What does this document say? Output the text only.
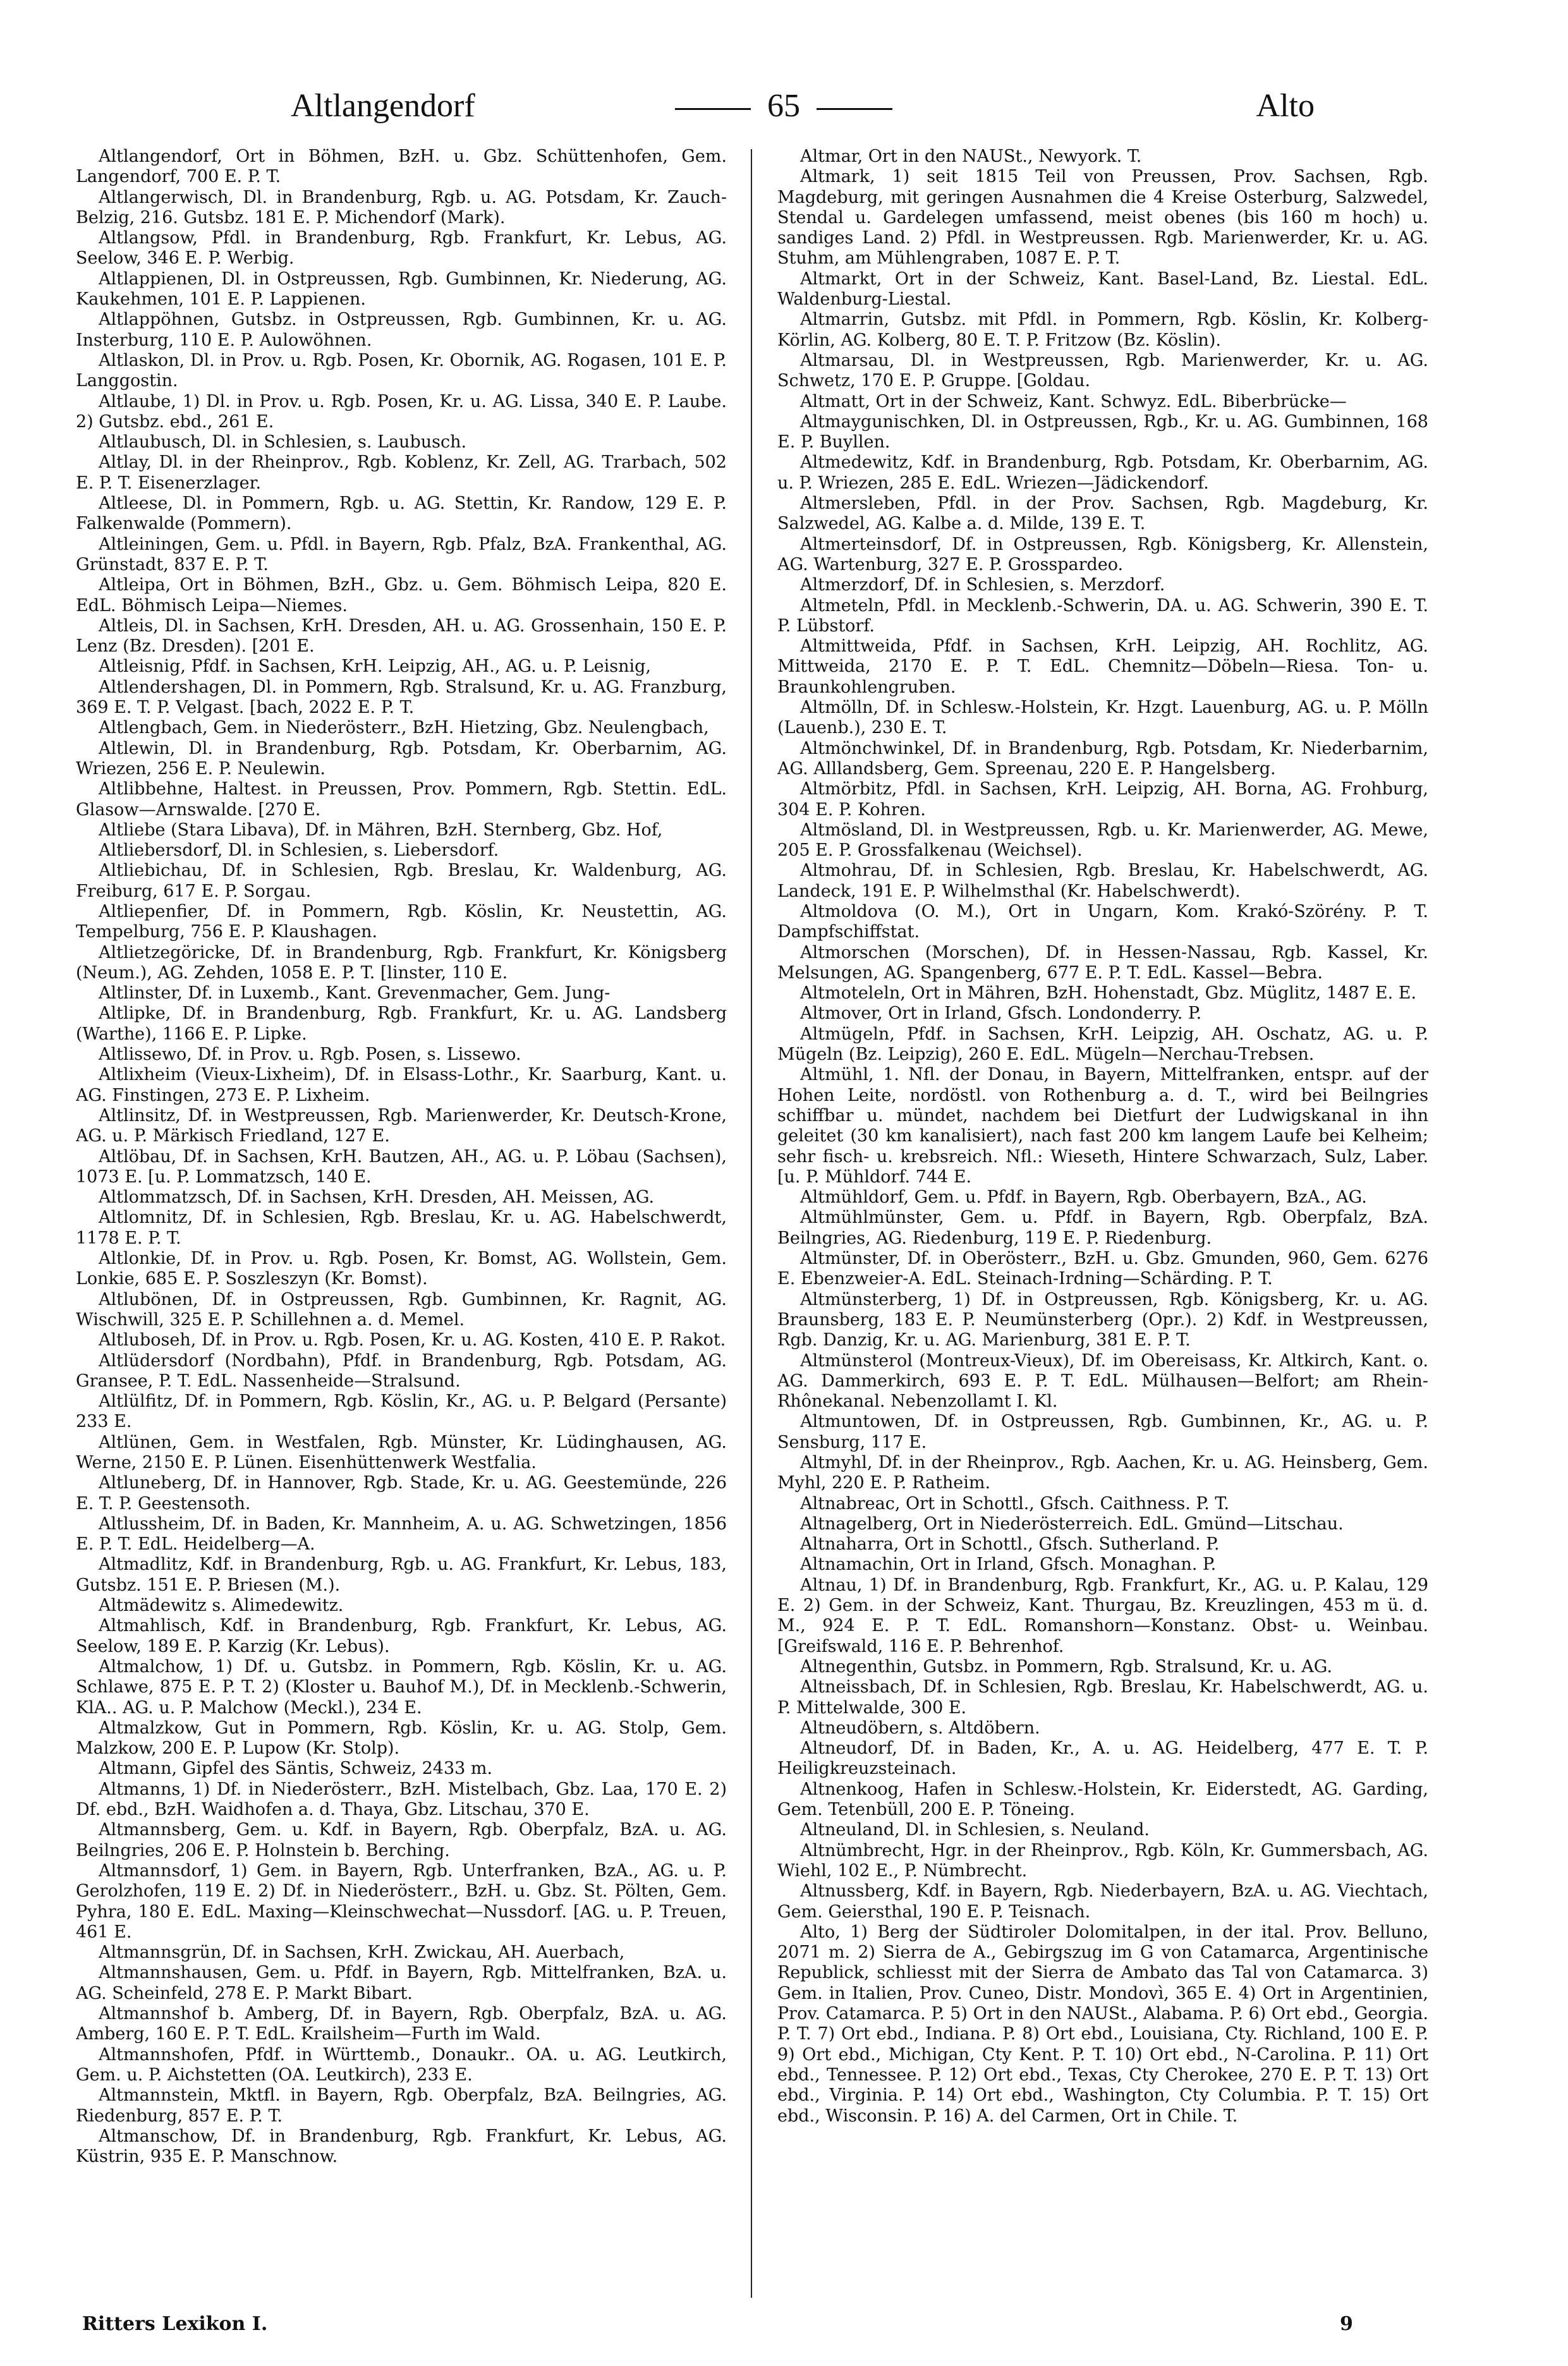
Altlangendorf	65	Alto

Altlangendorf, Ort in Böhmen, BzH. u. Gbz. Schüttenhofen, Gem. Langendorf, 700 E. P. T.

Altlangerwisch, Dl. in Brandenburg, Rgb. u. AG. Potsdam, Kr. Zauch-Belzig, 216. Gutsbz. 181 E. P. Michendorf (Mark).

Altlangsow, Pfdl. in Brandenburg, Rgb. Frankfurt, Kr. Lebus, AG. Seelow, 346 E. P. Werbig.

Altlappienen, Dl. in Ostpreussen, Rgb. Gumbinnen, Kr. Niederung, AG. Kaukehmen, 101 E. P. Lappienen.

Altlappöhnen, Gutsbz. in Ostpreussen, Rgb. Gumbinnen, Kr. u. AG. Insterburg, 110 E. P. Aulowöhnen.

Altlaskon, Dl. in Prov. u. Rgb. Posen, Kr. Obornik, AG. Rogasen, 101 E. P. Langgostin.

Altlaube, 1) Dl. in Prov. u. Rgb. Posen, Kr. u. AG. Lissa, 340 E. P. Laube. 2) Gutsbz. ebd., 261 E.

Altlaubusch, Dl. in Schlesien, s. Laubusch.

Altlay, Dl. in der Rheinprov., Rgb. Koblenz, Kr. Zell, AG. Trarbach, 502 E. P. T. Eisenerzlager.

Altleese, Dl. in Pommern, Rgb. u. AG. Stettin, Kr. Randow, 129 E. P. Falkenwalde (Pommern).

Altleiningen, Gem. u. Pfdl. in Bayern, Rgb. Pfalz, BzA. Frankenthal, AG. Grünstadt, 837 E. P. T.

Altleipa, Ort in Böhmen, BzH., Gbz. u. Gem. Böhmisch Leipa, 820 E. EdL. Böhmisch Leipa—Niemes.

Altleis, Dl. in Sachsen, KrH. Dresden, AH. u. AG. Grossenhain, 150 E. P. Lenz (Bz. Dresden). [201 E.

Altleisnig, Pfdf. in Sachsen, KrH. Leipzig, AH., AG. u. P. Leisnig,

Altlendershagen, Dl. in Pommern, Rgb. Stralsund, Kr. u. AG. Franzburg, 369 E. T. P. Velgast. [bach, 2022 E. P. T.

Altlengbach, Gem. in Niederösterr., BzH. Hietzing, Gbz. Neulengbach,

Altlewin, Dl. in Brandenburg, Rgb. Potsdam, Kr. Oberbarnim, AG. Wriezen, 256 E. P. Neulewin.

Altlibbehne, Haltest. in Preussen, Prov. Pommern, Rgb. Stettin. EdL. Glasow—Arnswalde. [270 E.

Altliebe (Stara Libava), Df. in Mähren, BzH. Sternberg, Gbz. Hof,

Altliebersdorf, Dl. in Schlesien, s. Liebersdorf.

Altliebichau, Df. in Schlesien, Rgb. Breslau, Kr. Waldenburg, AG. Freiburg, 617 E. P. Sorgau.

Altliepenfier, Df. in Pommern, Rgb. Köslin, Kr. Neustettin, AG. Tempelburg, 756 E. P. Klaushagen.

Altlietzegöricke, Df. in Brandenburg, Rgb. Frankfurt, Kr. Königsberg (Neum.), AG. Zehden, 1058 E. P. T. [linster, 110 E.

Altlinster, Df. in Luxemb., Kant. Grevenmacher, Gem. Jung-

Altlipke, Df. in Brandenburg, Rgb. Frankfurt, Kr. u. AG. Landsberg (Warthe), 1166 E. P. Lipke.

Altlissewo, Df. in Prov. u. Rgb. Posen, s. Lissewo.

Altlixheim (Vieux-Lixheim), Df. in Elsass-Lothr., Kr. Saarburg, Kant. u. AG. Finstingen, 273 E. P. Lixheim.

Altlinsitz, Df. in Westpreussen, Rgb. Marienwerder, Kr. Deutsch-Krone, AG. u. P. Märkisch Friedland, 127 E.

Altlöbau, Df. in Sachsen, KrH. Bautzen, AH., AG. u. P. Löbau (Sachsen), 1073 E. [u. P. Lommatzsch, 140 E.

Altlommatzsch, Df. in Sachsen, KrH. Dresden, AH. Meissen, AG.

Altlomnitz, Df. in Schlesien, Rgb. Breslau, Kr. u. AG. Habelschwerdt, 1178 E. P. T.

Altlonkie, Df. in Prov. u. Rgb. Posen, Kr. Bomst, AG. Wollstein, Gem. Lonkie, 685 E. P. Soszleszyn (Kr. Bomst).

Altlubönen, Df. in Ostpreussen, Rgb. Gumbinnen, Kr. Ragnit, AG. Wischwill, 325 E. P. Schillehnen a. d. Memel.

Altluboseh, Df. in Prov. u. Rgb. Posen, Kr. u. AG. Kosten, 410 E. P. Rakot.

Altlüdersdorf (Nordbahn), Pfdf. in Brandenburg, Rgb. Potsdam, AG. Gransee, P. T. EdL. Nassenheide—Stralsund.

Altlülfitz, Df. in Pommern, Rgb. Köslin, Kr., AG. u. P. Belgard (Persante) 233 E.

Altlünen, Gem. in Westfalen, Rgb. Münster, Kr. Lüdinghausen, AG. Werne, 2150 E. P. Lünen. Eisenhüttenwerk Westfalia.

Altluneberg, Df. in Hannover, Rgb. Stade, Kr. u. AG. Geestemünde, 226 E. T. P. Geestensoth.

Altlussheim, Df. in Baden, Kr. Mannheim, A. u. AG. Schwetzingen, 1856 E. P. T. EdL. Heidelberg—A.

Altmadlitz, Kdf. in Brandenburg, Rgb. u. AG. Frankfurt, Kr. Lebus, 183, Gutsbz. 151 E. P. Briesen (M.).

Altmädewitz s. Alimedewitz.

Altmahlisch, Kdf. in Brandenburg, Rgb. Frankfurt, Kr. Lebus, AG. Seelow, 189 E. P. Karzig (Kr. Lebus).

Altmalchow, 1) Df. u. Gutsbz. in Pommern, Rgb. Köslin, Kr. u. AG. Schlawe, 875 E. P. T. 2) (Kloster u. Bauhof M.), Df. in Mecklenb.-Schwerin, KlA.. AG. u. P. Malchow (Meckl.), 234 E.

Altmalzkow, Gut in Pommern, Rgb. Köslin, Kr. u. AG. Stolp, Gem. Malzkow, 200 E. P. Lupow (Kr. Stolp).

Altmann, Gipfel des Säntis, Schweiz, 2433 m.

Altmanns, 1) Df. in Niederösterr., BzH. Mistelbach, Gbz. Laa, 170 E. 2) Df. ebd., BzH. Waidhofen a. d. Thaya, Gbz. Litschau, 370 E.

Altmannsberg, Gem. u. Kdf. in Bayern, Rgb. Oberpfalz, BzA. u. AG. Beilngries, 206 E. P. Holnstein b. Berching.

Altmannsdorf, 1) Gem. in Bayern, Rgb. Unterfranken, BzA., AG. u. P. Gerolzhofen, 119 E. 2) Df. in Niederösterr., BzH. u. Gbz. St. Pölten, Gem. Pyhra, 180 E. EdL. Maxing—Kleinschwechat—Nussdorf. [AG. u. P. Treuen, 461 E.

Altmannsgrün, Df. in Sachsen, KrH. Zwickau, AH. Auerbach,

Altmannshausen, Gem. u. Pfdf. in Bayern, Rgb. Mittelfranken, BzA. u. AG. Scheinfeld, 278 E. P. Markt Bibart.

Altmannshof b. Amberg, Df. in Bayern, Rgb. Oberpfalz, BzA. u. AG. Amberg, 160 E. P. T. EdL. Krailsheim—Furth im Wald.

Altmannshofen, Pfdf. in Württemb., Donaukr.. OA. u. AG. Leutkirch, Gem. u. P. Aichstetten (OA. Leutkirch), 233 E.

Altmannstein, Mktfl. in Bayern, Rgb. Oberpfalz, BzA. Beilngries, AG. Riedenburg, 857 E. P. T.

Altmanschow, Df. in Brandenburg, Rgb. Frankfurt, Kr. Lebus, AG. Küstrin, 935 E. P. Manschnow.

Altmar, Ort in den NAUSt., Newyork. T.

Altmark, 1) seit 1815 Teil von Preussen, Prov. Sachsen, Rgb. Magdeburg, mit geringen Ausnahmen die 4 Kreise Osterburg, Salzwedel, Stendal u. Gardelegen umfassend, meist obenes (bis 160 m hoch) u. sandiges Land. 2) Pfdl. in Westpreussen. Rgb. Marienwerder, Kr. u. AG. Stuhm, am Mühlengraben, 1087 E. P. T.

Altmarkt, Ort in der Schweiz, Kant. Basel-Land, Bz. Liestal. EdL. Waldenburg-Liestal.

Altmarrin, Gutsbz. mit Pfdl. in Pommern, Rgb. Köslin, Kr. Kolberg-Körlin, AG. Kolberg, 80 E. T. P. Fritzow (Bz. Köslin).

Altmarsau, Dl. in Westpreussen, Rgb. Marienwerder, Kr. u. AG. Schwetz, 170 E. P. Gruppe. [Goldau.

Altmatt, Ort in der Schweiz, Kant. Schwyz. EdL. Biberbrücke—

Altmaygunischken, Dl. in Ostpreussen, Rgb., Kr. u. AG. Gumbinnen, 168 E. P. Buyllen.

Altmedewitz, Kdf. in Brandenburg, Rgb. Potsdam, Kr. Oberbarnim, AG. u. P. Wriezen, 285 E. EdL. Wriezen—Jädickendorf.

Altmersleben, Pfdl. in der Prov. Sachsen, Rgb. Magdeburg, Kr. Salzwedel, AG. Kalbe a. d. Milde, 139 E. T.

Altmerteinsdorf, Df. in Ostpreussen, Rgb. Königsberg, Kr. Allenstein, AG. Wartenburg, 327 E. P. Grosspardeo.

Altmerzdorf, Df. in Schlesien, s. Merzdorf.

Altmeteln, Pfdl. in Mecklenb.-Schwerin, DA. u. AG. Schwerin, 390 E. T. P. Lübstorf.

Altmittweida, Pfdf. in Sachsen, KrH. Leipzig, AH. Rochlitz, AG. Mittweida, 2170 E. P. T. EdL. Chemnitz—Döbeln—Riesa. Ton- u. Braunkohlengruben.

Altmölln, Df. in Schlesw.-Holstein, Kr. Hzgt. Lauenburg, AG. u. P. Mölln (Lauenb.), 230 E. T.

Altmönchwinkel, Df. in Brandenburg, Rgb. Potsdam, Kr. Niederbarnim, AG. Alllandsberg, Gem. Spreenau, 220 E. P. Hangelsberg.

Altmörbitz, Pfdl. in Sachsen, KrH. Leipzig, AH. Borna, AG. Frohburg, 304 E. P. Kohren.

Altmösland, Dl. in Westpreussen, Rgb. u. Kr. Marienwerder, AG. Mewe, 205 E. P. Grossfalkenau (Weichsel).

Altmohrau, Df. in Schlesien, Rgb. Breslau, Kr. Habelschwerdt, AG. Landeck, 191 E. P. Wilhelmsthal (Kr. Habelschwerdt).

Altmoldova (O. M.), Ort in Ungarn, Kom. Krakó-Szörény. P. T. Dampfschiffstat.

Altmorschen (Morschen), Df. in Hessen-Nassau, Rgb. Kassel, Kr. Melsungen, AG. Spangenberg, 677 E. P. T. EdL. Kassel—Bebra.

Altmoteleln, Ort in Mähren, BzH. Hohenstadt, Gbz. Müglitz, 1487 E. E.

Altmover, Ort in Irland, Gfsch. Londonderry. P.

Altmügeln, Pfdf. in Sachsen, KrH. Leipzig, AH. Oschatz, AG. u. P. Mügeln (Bz. Leipzig), 260 E. EdL. Mügeln—Nerchau-Trebsen.

Altmühl, 1. Nfl. der Donau, in Bayern, Mittelfranken, entspr. auf der Hohen Leite, nordöstl. von Rothenburg a. d. T., wird bei Beilngries schiffbar u. mündet, nachdem bei Dietfurt der Ludwigskanal in ihn geleitet (30 km kanalisiert), nach fast 200 km langem Laufe bei Kelheim; sehr fisch- u. krebsreich. Nfl.: Wieseth, Hintere Schwarzach, Sulz, Laber. [u. P. Mühldorf. 744 E.

Altmühldorf, Gem. u. Pfdf. in Bayern, Rgb. Oberbayern, BzA., AG.

Altmühlmünster, Gem. u. Pfdf. in Bayern, Rgb. Oberpfalz, BzA. Beilngries, AG. Riedenburg, 119 E. P. Riedenburg.

Altmünster, Df. in Oberösterr., BzH. u. Gbz. Gmunden, 960, Gem. 6276 E. Ebenzweier-A. EdL. Steinach-Irdning—Schärding. P. T.

Altmünsterberg, 1) Df. in Ostpreussen, Rgb. Königsberg, Kr. u. AG. Braunsberg, 183 E. P. Neumünsterberg (Opr.). 2) Kdf. in Westpreussen, Rgb. Danzig, Kr. u. AG. Marienburg, 381 E. P. T.

Altmünsterol (Montreux-Vieux), Df. im Obereisass, Kr. Altkirch, Kant. o. AG. Dammerkirch, 693 E. P. T. EdL. Mülhausen—Belfort; am Rhein-Rhônekanal. Nebenzollamt I. Kl.

Altmuntowen, Df. in Ostpreussen, Rgb. Gumbinnen, Kr., AG. u. P. Sensburg, 117 E.

Altmyhl, Df. in der Rheinprov., Rgb. Aachen, Kr. u. AG. Heinsberg, Gem. Myhl, 220 E. P. Ratheim.

Altnabreac, Ort in Schottl., Gfsch. Caithness. P. T.

Altnagelberg, Ort in Niederösterreich. EdL. Gmünd—Litschau.

Altnaharra, Ort in Schottl., Gfsch. Sutherland. P.

Altnamachin, Ort in Irland, Gfsch. Monaghan. P.

Altnau, 1) Df. in Brandenburg, Rgb. Frankfurt, Kr., AG. u. P. Kalau, 129 E. 2) Gem. in der Schweiz, Kant. Thurgau, Bz. Kreuzlingen, 453 m ü. d. M., 924 E. P. T. EdL. Romanshorn—Konstanz. Obst- u. Weinbau. [Greifswald, 116 E. P. Behrenhof.

Altnegenthin, Gutsbz. in Pommern, Rgb. Stralsund, Kr. u. AG.

Altneissbach, Df. in Schlesien, Rgb. Breslau, Kr. Habelschwerdt, AG. u. P. Mittelwalde, 300 E.

Altneudöbern, s. Altdöbern.

Altneudorf, Df. in Baden, Kr., A. u. AG. Heidelberg, 477 E. T. P. Heiligkreuzsteinach.

Altnenkoog, Hafen in Schlesw.-Holstein, Kr. Eiderstedt, AG. Garding, Gem. Tetenbüll, 200 E. P. Töneing.

Altneuland, Dl. in Schlesien, s. Neuland.

Altnümbrecht, Hgr. in der Rheinprov., Rgb. Köln, Kr. Gummersbach, AG. Wiehl, 102 E., P. Nümbrecht.

Altnussberg, Kdf. in Bayern, Rgb. Niederbayern, BzA. u. AG. Viechtach, Gem. Geiersthal, 190 E. P. Teisnach.

Alto, 1) Berg der Südtiroler Dolomitalpen, in der ital. Prov. Belluno, 2071 m. 2) Sierra de A., Gebirgszug im G von Catamarca, Argentinische Republick, schliesst mit der Sierra de Ambato das Tal von Catamarca. 3) Gem. in Italien, Prov. Cuneo, Distr. Mondovì, 365 E. 4) Ort in Argentinien, Prov. Catamarca. P. 5) Ort in den NAUSt., Alabama. P. 6) Ort ebd., Georgia. P. T. 7) Ort ebd., Indiana. P. 8) Ort ebd., Louisiana, Cty. Richland, 100 E. P. 9) Ort ebd., Michigan, Cty Kent. P. T. 10) Ort ebd., N-Carolina. P. 11) Ort ebd., Tennessee. P. 12) Ort ebd., Texas, Cty Cherokee, 270 E. P. T. 13) Ort ebd., Virginia. P. 14) Ort ebd., Washington, Cty Columbia. P. T. 15) Ort ebd., Wisconsin. P. 16) A. del Carmen, Ort in Chile. T.

Ritters Lexikon I.	9
